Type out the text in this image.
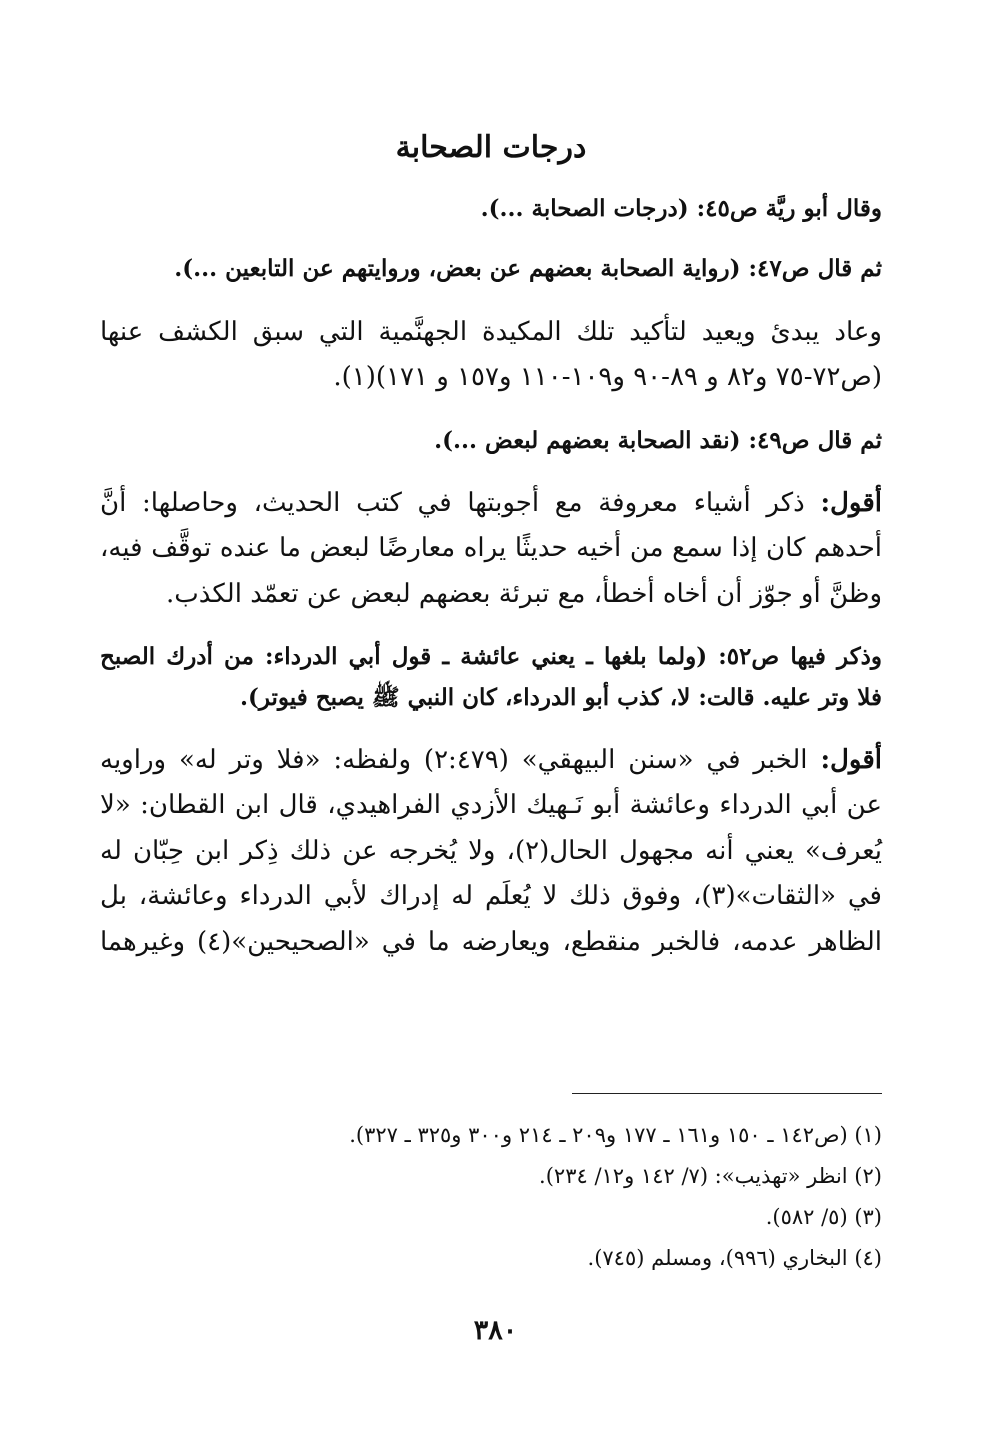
درجات الصحابة
وقال أبو ريَّة ص٤٥: (درجات الصحابة ...).
ثم قال ص٤٧: (رواية الصحابة بعضهم عن بعض، وروايتهم عن التابعين ...).
وعاد يبدئ ويعيد لتأكيد تلك المكيدة الجهنَّمية التي سبق الكشف عنها
(ص٧٢-٧٥ و٨٢ و ٨٩-٩٠ و١٠٩-١١٠ و١٥٧ و ١٧١)(١).
ثم قال ص٤٩: (نقد الصحابة بعضهم لبعض ...).
أقول: ذكر أشياء معروفة مع أجوبتها في كتب الحديث، وحاصلها: أنَّ
أحدهم كان إذا سمع من أخيه حديثًا يراه معارضًا لبعض ما عنده توقَّف فيه،
وظنَّ أو جوّز أن أخاه أخطأ، مع تبرئة بعضهم لبعض عن تعمّد الكذب.
وذكر فيها ص٥٢: (ولما بلغها ـ يعني عائشة ـ قول أبي الدرداء: من أدرك الصبح
فلا وتر عليه. قالت: لا، كذب أبو الدرداء، كان النبي ﷺ يصبح فيوتر).
أقول: الخبر في «سنن البيهقي» (٢:٤٧٩) ولفظه: «فلا وتر له» وراويه
عن أبي الدرداء وعائشة أبو نَـهيك الأزدي الفراهيدي، قال ابن القطان: «لا
يُعرف» يعني أنه مجهول الحال(٢)، ولا يُخرجه عن ذلك ذِكر ابن حِبّان له
في «الثقات»(٣)، وفوق ذلك لا يُعلَم له إدراك لأبي الدرداء وعائشة، بل
الظاهر عدمه، فالخبر منقطع، ويعارضه ما في «الصحيحين»(٤) وغيرهما
(١) (ص١٤٢ ـ ١٥٠ و١٦١ ـ ١٧٧ و٢٠٩ ـ ٢١٤ و٣٠٠ و٣٢٥ ـ ٣٢٧).
(٢) انظر «تهذيب»: (٧/ ١٤٢ و١٢/ ٢٣٤).
(٣) (٥/ ٥٨٢).
(٤) البخاري (٩٩٦)، ومسلم (٧٤٥).
٣٨٠
